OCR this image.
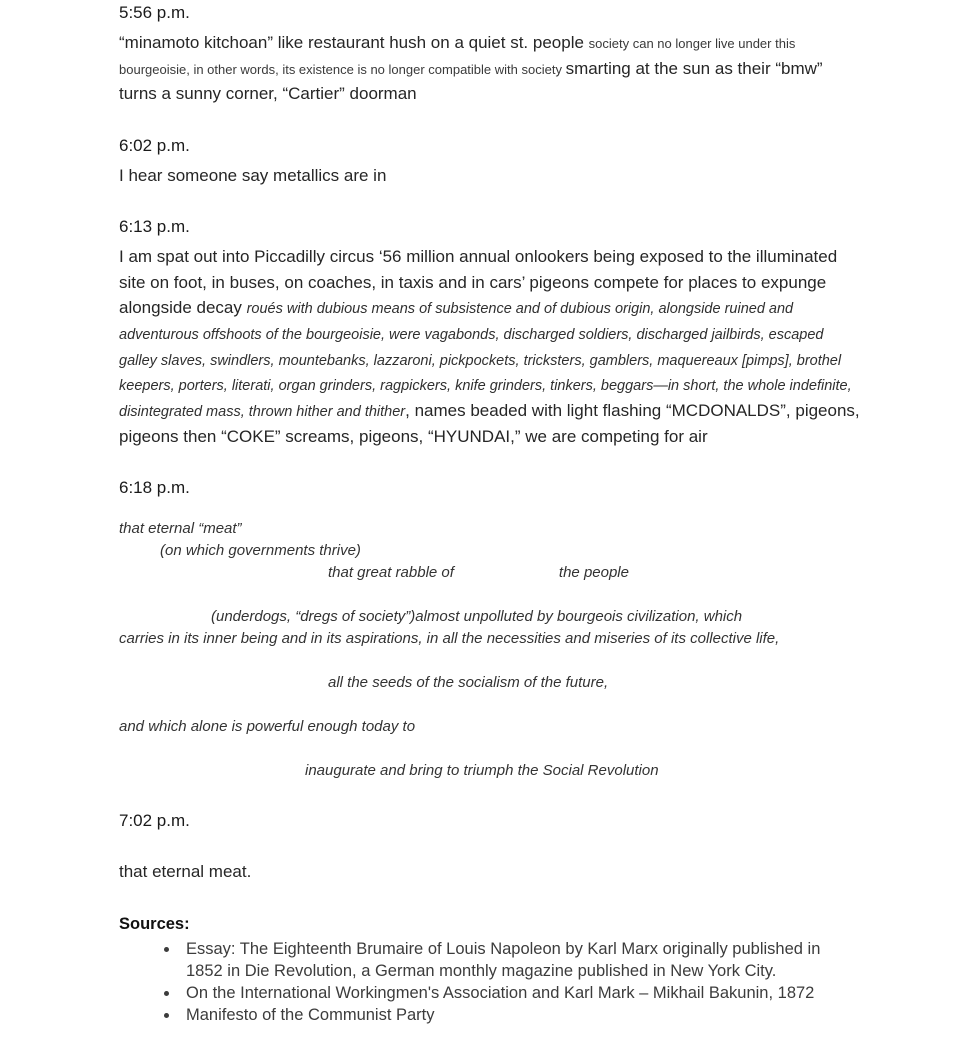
5:56 p.m.

“minamoto kitchoan” like restaurant hush on a quiet st. people society can no longer live under this bourgeoisie, in other words, its existence is no longer compatible with society smarting at the sun as their “bmw” turns a sunny corner, “Cartier” doorman

6:02 p.m.

I hear someone say metallics are in

6:13 p.m.

I am spat out into Piccadilly circus ‘56 million annual onlookers being exposed to the illuminated site on foot, in buses, on coaches, in taxis and in cars’ pigeons compete for places to expunge alongside decay roués with dubious means of subsistence and of dubious origin, alongside ruined and adventurous offshoots of the bourgeoisie, were vagabonds, discharged soldiers, discharged jailbirds, escaped galley slaves, swindlers, mountebanks, lazzaroni, pickpockets, tricksters, gamblers, maquereaux [pimps], brothel keepers, porters, literati, organ grinders, ragpickers, knife grinders, tinkers, beggars—in short, the whole indefinite, disintegrated mass, thrown hither and thither, names beaded with light flashing “MCDONALDS”, pigeons, pigeons then “COKE” screams, pigeons, “HYUNDAI,” we are competing for air

6:18 p.m.
that eternal “meat”
(on which governments thrive)
that great rabble of	the people
(underdogs, “dregs of society”)almost unpolluted by bourgeois civilization, which
carries in its inner being and in its aspirations, in all the necessities and miseries of its collective life,
all the seeds of the socialism of the future,
and which alone is powerful enough today to
inaugurate and bring to triumph the Social Revolution
7:02 p.m.

that eternal meat.

Sources:
• Essay: The Eighteenth Brumaire of Louis Napoleon by Karl Marx originally published in 1852 in Die Revolution, a German monthly magazine published in New York City.
• On the International Workingmen's Association and Karl Mark – Mikhail Bakunin, 1872
• Manifesto of the Communist Party
